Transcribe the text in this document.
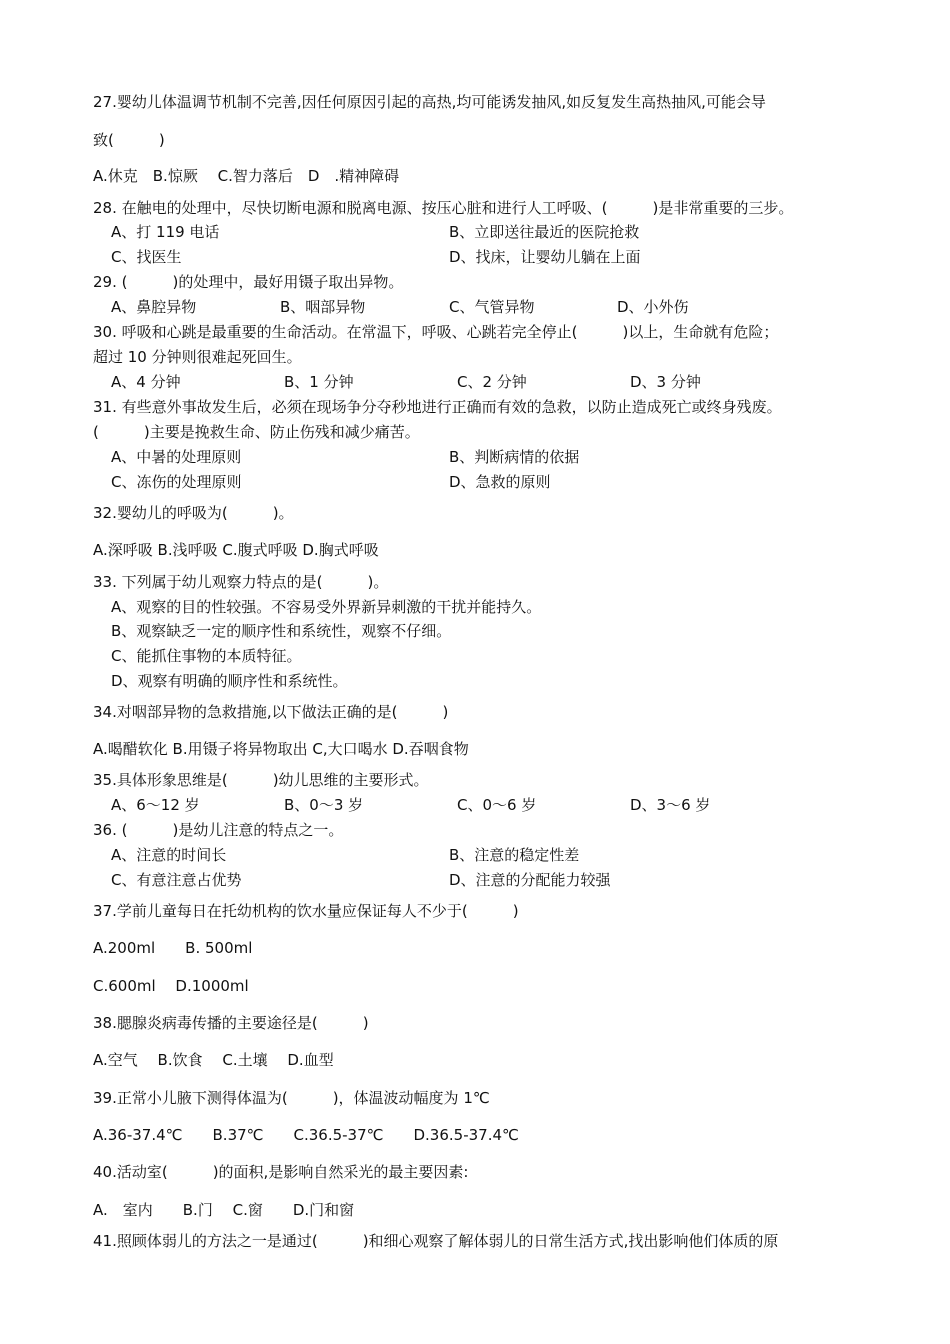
27.婴幼儿体温调节机制不完善,因任何原因引起的高热,均可能诱发抽风,如反复发生高热抽风,可能会导
致(　　　)
A.休克　B.惊厥　 C.智力落后　D　.精神障碍
28. 在触电的处理中，尽快切断电源和脱离电源、按压心脏和进行人工呼吸、(　　　)是非常重要的三步。
A、打 119 电话	B、立即送往最近的医院抢救
C、找医生	D、找床，让婴幼儿躺在上面
29. (　　　)的处理中，最好用镊子取出异物。
A、鼻腔异物	B、咽部异物	C、气管异物	D、小外伤
30. 呼吸和心跳是最重要的生命活动。在常温下，呼吸、心跳若完全停止(　　　)以上，生命就有危险；
超过 10 分钟则很难起死回生。
A、4 分钟	B、1 分钟	C、2 分钟	D、3 分钟
31. 有些意外事故发生后，必须在现场争分夺秒地进行正确而有效的急救，以防止造成死亡或终身残废。
(　　　)主要是挽救生命、防止伤残和减少痛苦。
A、中暑的处理原则	B、判断病情的依据
C、冻伤的处理原则	D、急救的原则
32.婴幼儿的呼吸为(　　　)。
A.深呼吸 B.浅呼吸 C.腹式呼吸 D.胸式呼吸
33. 下列属于幼儿观察力特点的是(　　　)。
A、观察的目的性较强。不容易受外界新异刺激的干扰并能持久。
B、观察缺乏一定的顺序性和系统性，观察不仔细。
C、能抓住事物的本质特征。
D、观察有明确的顺序性和系统性。
34.对咽部异物的急救措施,以下做法正确的是(　　　)
A.喝醋软化 B.用镊子将异物取出 C,大口喝水 D.吞咽食物
35.具体形象思维是(　　　)幼儿思维的主要形式。
A、6～12 岁	B、0～3 岁	C、0～6 岁	D、3～6 岁
36. (　　　)是幼儿注意的特点之一。
A、注意的时间长	B、注意的稳定性差
C、有意注意占优势	D、注意的分配能力较强
37.学前儿童每日在托幼机构的饮水量应保证每人不少于(　　　)
A.200ml　　B. 500ml
C.600ml　 D.1000ml
38.腮腺炎病毒传播的主要途径是(　　　)
A.空气　 B.饮食　 C.土壤　 D.血型
39.正常小儿腋下测得体温为(　　　)，体温波动幅度为 1℃
A.36-37.4℃　　B.37℃　　C.36.5-37℃　　D.36.5-37.4℃
40.活动室(　　　)的面积,是影响自然采光的最主要因素:
A.　室内　　B.门　 C.窗　　D.门和窗
41.照顾体弱儿的方法之一是通过(　　　)和细心观察了解体弱儿的日常生活方式,找出影响他们体质的原
